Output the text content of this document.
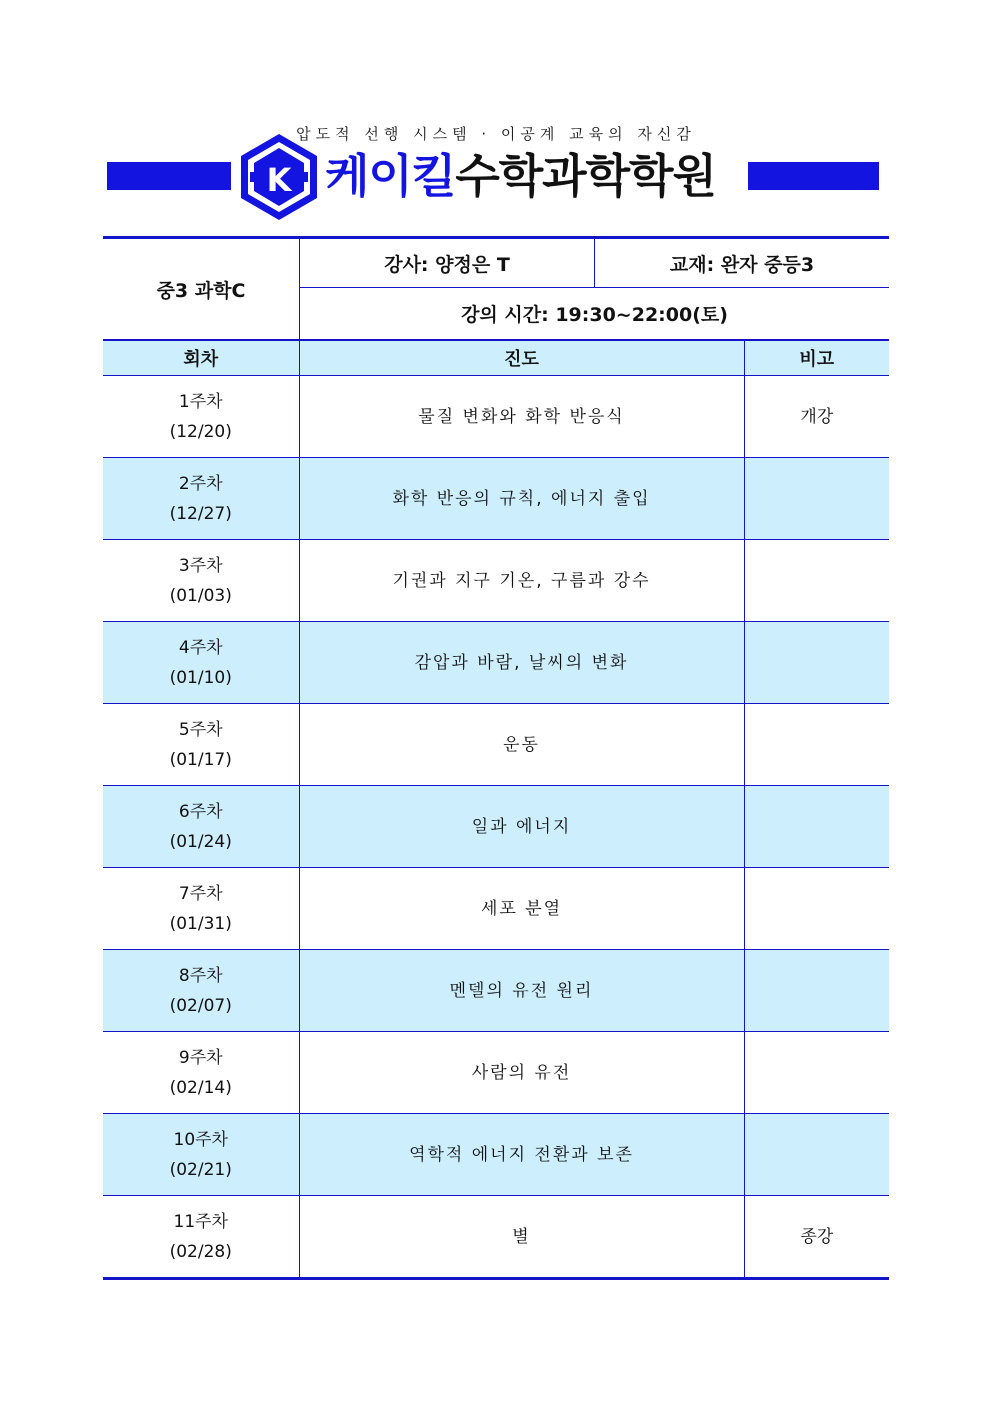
압도적 선행 시스템 · 이공계 교육의 자신감
K 케이킬수학과학학원
중3 과학C
강사: 양정은 T	교재: 완자 중등3
강의 시간: 19:30~22:00(토)
회차	진도	비고

1주차
(12/20)	물질 변화와 화학 반응식	개강

2주차
(12/27)	화학 반응의 규칙, 에너지 출입	

3주차
(01/03)	기권과 지구 기온, 구름과 강수	

4주차
(01/10)	감압과 바람, 날씨의 변화	

5주차
(01/17)	운동	

6주차
(01/24)	일과 에너지	

7주차
(01/31)	세포 분열	

8주차
(02/07)	멘델의 유전 원리	

9주차
(02/14)	사람의 유전	

10주차
(02/21)	역학적 에너지 전환과 보존	

11주차
(02/28)	별	종강
